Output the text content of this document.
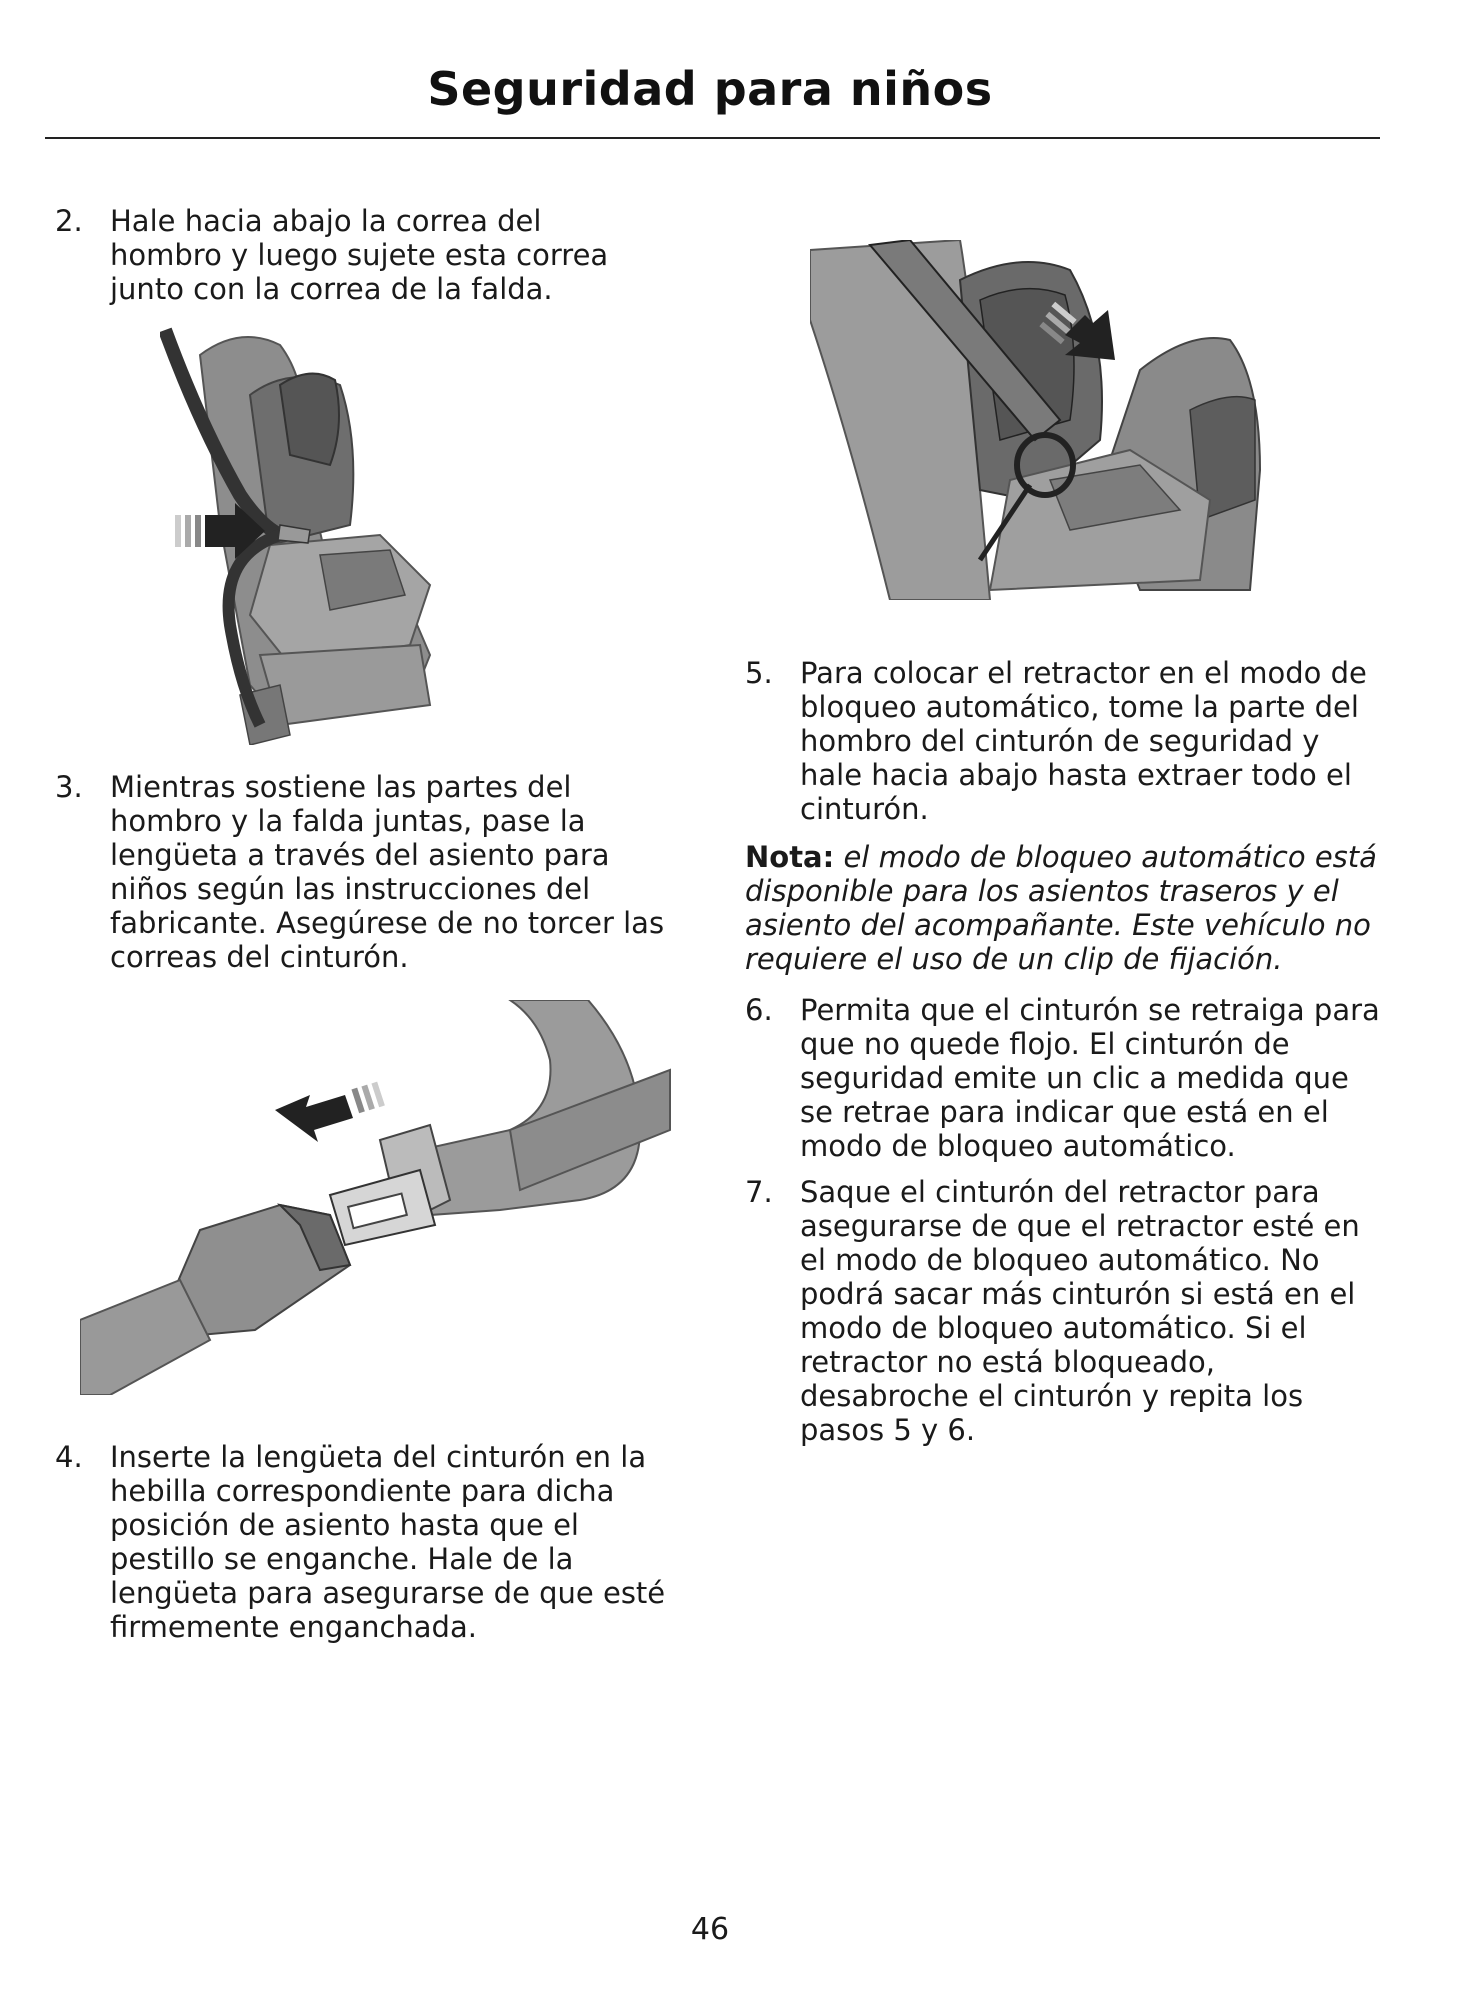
Seguridad para niños
2. Hale hacia abajo la correa del
hombro y luego sujete esta correa
junto con la correa de la falda.
3. Mientras sostiene las partes del
hombro y la falda juntas, pase la
lengüeta a través del asiento para
niños según las instrucciones del
fabricante. Asegúrese de no torcer las
correas del cinturón.
4. Inserte la lengüeta del cinturón en la
hebilla correspondiente para dicha
posición de asiento hasta que el
pestillo se enganche. Hale de la
lengüeta para asegurarse de que esté
firmemente enganchada.
5. Para colocar el retractor en el modo de
bloqueo automático, tome la parte del
hombro del cinturón de seguridad y
hale hacia abajo hasta extraer todo el
cinturón.
Nota: el modo de bloqueo automático está
disponible para los asientos traseros y el
asiento del acompañante. Este vehículo no
requiere el uso de un clip de fijación.
6. Permita que el cinturón se retraiga para
que no quede flojo. El cinturón de
seguridad emite un clic a medida que
se retrae para indicar que está en el
modo de bloqueo automático.
7. Saque el cinturón del retractor para
asegurarse de que el retractor esté en
el modo de bloqueo automático. No
podrá sacar más cinturón si está en el
modo de bloqueo automático. Si el
retractor no está bloqueado,
desabroche el cinturón y repita los
pasos 5 y 6.
46
